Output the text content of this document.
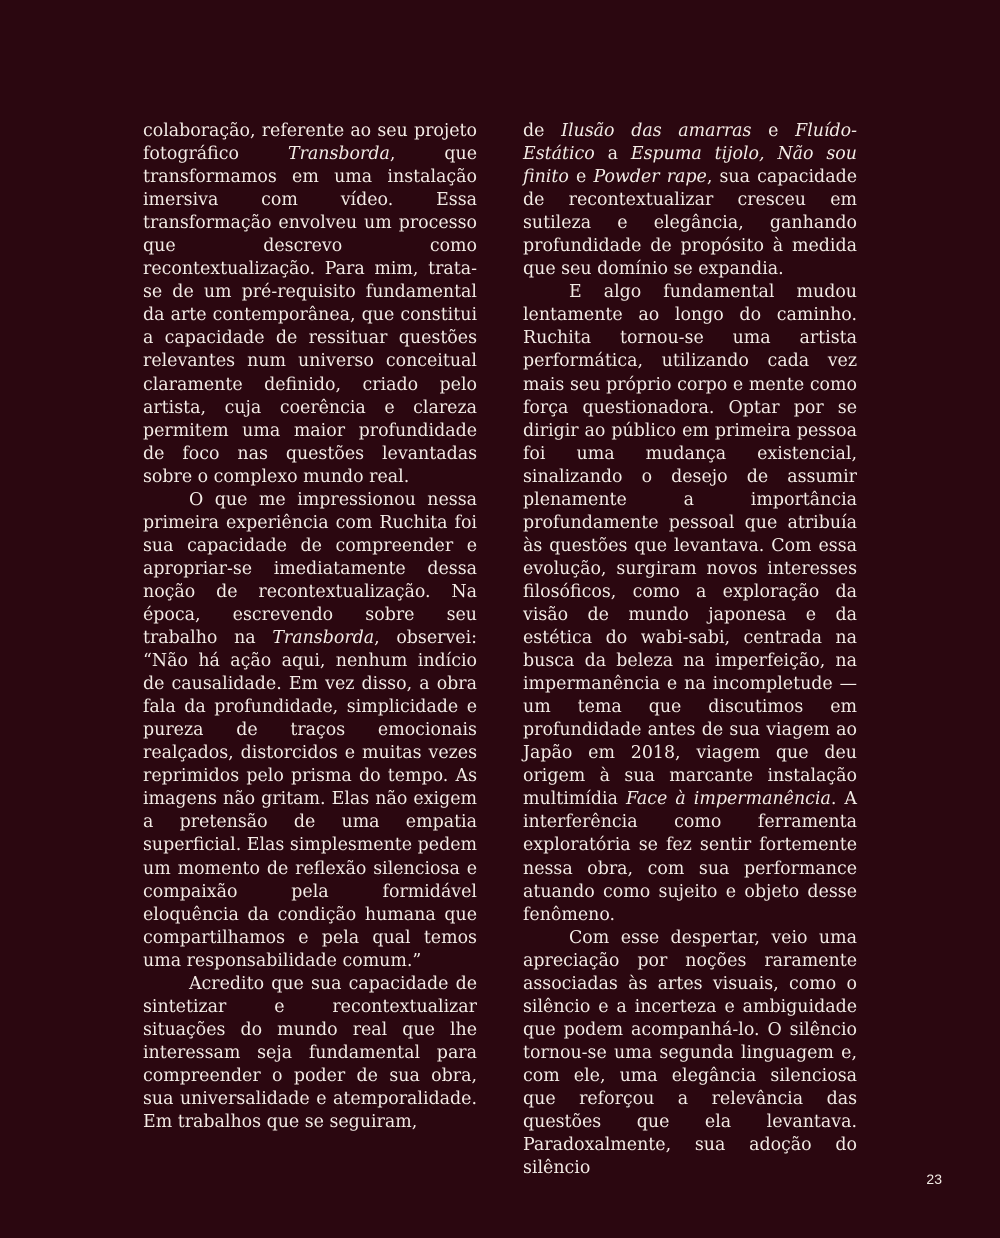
colaboração, referente ao seu projeto fotográfico Transborda, que transformamos em uma instalação imersiva com vídeo. Essa transformação envolveu um processo que descrevo como recontextualização. Para mim, trata-se de um pré-requisito fundamental da arte contemporânea, que constitui a capacidade de ressituar questões relevantes num universo conceitual claramente definido, criado pelo artista, cuja coerência e clareza permitem uma maior profundidade de foco nas questões levantadas sobre o complexo mundo real.

O que me impressionou nessa primeira experiência com Ruchita foi sua capacidade de compreender e apropriar-se imediatamente dessa noção de recontextualização. Na época, escrevendo sobre seu trabalho na Transborda, observei: “Não há ação aqui, nenhum indício de causalidade. Em vez disso, a obra fala da profundidade, simplicidade e pureza de traços emocionais realçados, distorcidos e muitas vezes reprimidos pelo prisma do tempo. As imagens não gritam. Elas não exigem a pretensão de uma empatia superficial. Elas simplesmente pedem um momento de reflexão silenciosa e compaixão pela formidável eloquência da condição humana que compartilhamos e pela qual temos uma responsabilidade comum.”

Acredito que sua capacidade de sintetizar e recontextualizar situações do mundo real que lhe interessam seja fundamental para compreender o poder de sua obra, sua universalidade e atemporalidade. Em trabalhos que se seguiram,

de Ilusão das amarras e Fluído-Estático a Espuma tijolo, Não sou finito e Powder rape, sua capacidade de recontextualizar cresceu em sutileza e elegância, ganhando profundidade de propósito à medida que seu domínio se expandia.

E algo fundamental mudou lentamente ao longo do caminho. Ruchita tornou-se uma artista performática, utilizando cada vez mais seu próprio corpo e mente como força questionadora. Optar por se dirigir ao público em primeira pessoa foi uma mudança existencial, sinalizando o desejo de assumir plenamente a importância profundamente pessoal que atribuía às questões que levantava. Com essa evolução, surgiram novos interesses filosóficos, como a exploração da visão de mundo japonesa e da estética do wabi-sabi, centrada na busca da beleza na imperfeição, na impermanência e na incompletude — um tema que discutimos em profundidade antes de sua viagem ao Japão em 2018, viagem que deu origem à sua marcante instalação multimídia Face à impermanência. A interferência como ferramenta exploratória se fez sentir fortemente nessa obra, com sua performance atuando como sujeito e objeto desse fenômeno.

Com esse despertar, veio uma apreciação por noções raramente associadas às artes visuais, como o silêncio e a incerteza e ambiguidade que podem acompanhá-lo. O silêncio tornou-se uma segunda linguagem e, com ele, uma elegância silenciosa que reforçou a relevância das questões que ela levantava. Paradoxalmente, sua adoção do silêncio

23
